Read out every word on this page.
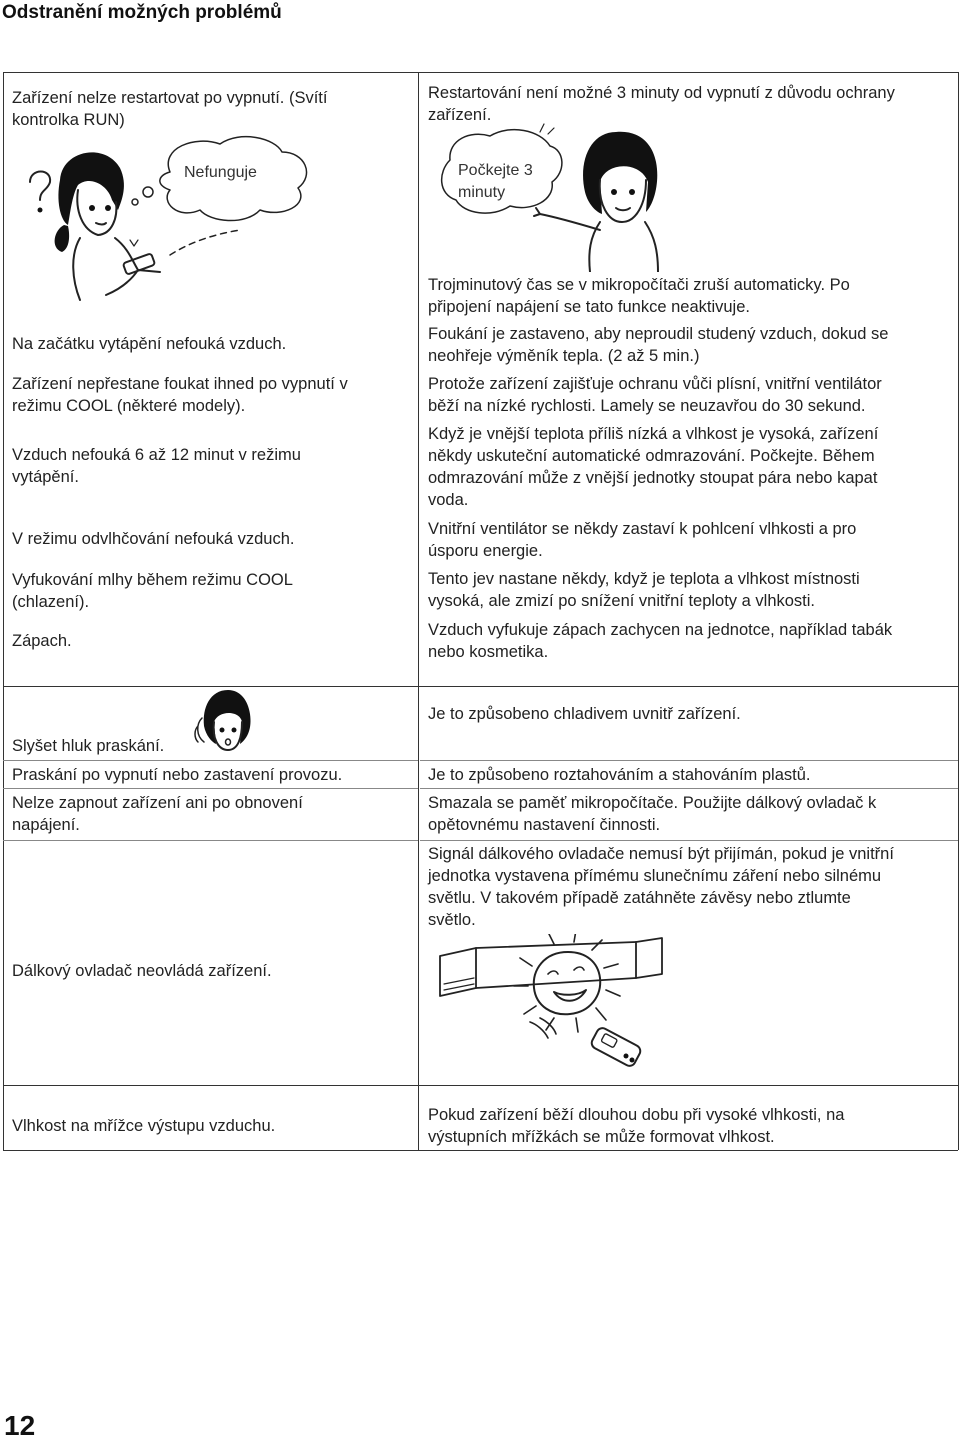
Odstranění možných problémů
Zařízení nelze restartovat po vypnutí. (Svítí
kontrolka RUN)
Restartování není možné 3 minuty od vypnutí z důvodu ochrany
zařízení.
Nefunguje	Počkejte 3
minuty
Na začátku vytápění nefouká vzduch.
Zařízení nepřestane foukat ihned po vypnutí v
režimu COOL (některé modely).
Vzduch nefouká 6 až 12 minut v režimu
vytápění.
V režimu odvlhčování nefouká vzduch.
Vyfukování mlhy během režimu COOL
(chlazení).
Zápach.
Trojminutový čas se v mikropočítači zruší automaticky. Po
připojení napájení se tato funkce neaktivuje.
Foukání je zastaveno, aby neproudil studený vzduch, dokud se
neohřeje výměník tepla. (2 až 5 min.)
Protože zařízení zajišťuje ochranu vůči plísní, vnitřní ventilátor
běží na nízké rychlosti. Lamely se neuzavřou do 30 sekund.
Když je vnější teplota příliš nízká a vlhkost je vysoká, zařízení
někdy uskuteční automatické odmrazování. Počkejte. Během
odmrazování může z vnější jednotky stoupat pára nebo kapat
voda.
Vnitřní ventilátor se někdy zastaví k pohlcení vlhkosti a pro
úsporu energie.
Tento jev nastane někdy, když je teplota a vlhkost místnosti
vysoká, ale zmizí po snížení vnitřní teploty a vlhkosti.
Vzduch vyfukuje zápach zachycen na jednotce, například tabák
nebo kosmetika.
Slyšet hluk praskání.
Je to způsobeno chladivem uvnitř zařízení.
Praskání po vypnutí nebo zastavení provozu.	Je to způsobeno roztahováním a stahováním plastů.
Nelze zapnout zařízení ani po obnovení
napájení.
Smazala se paměť mikropočítače. Použijte dálkový ovladač k
opětovnému nastavení činnosti.
Dálkový ovladač neovládá zařízení.
Signál dálkového ovladače nemusí být přijímán, pokud je vnitřní
jednotka vystavena přímému slunečnímu záření nebo silnému
světlu. V takovém případě zatáhněte závěsy nebo ztlumte
světlo.
Vlhkost na mřížce výstupu vzduchu.
Pokud zařízení běží dlouhou dobu při vysoké vlhkosti, na
výstupních mřížkách se může formovat vlhkost.
12
